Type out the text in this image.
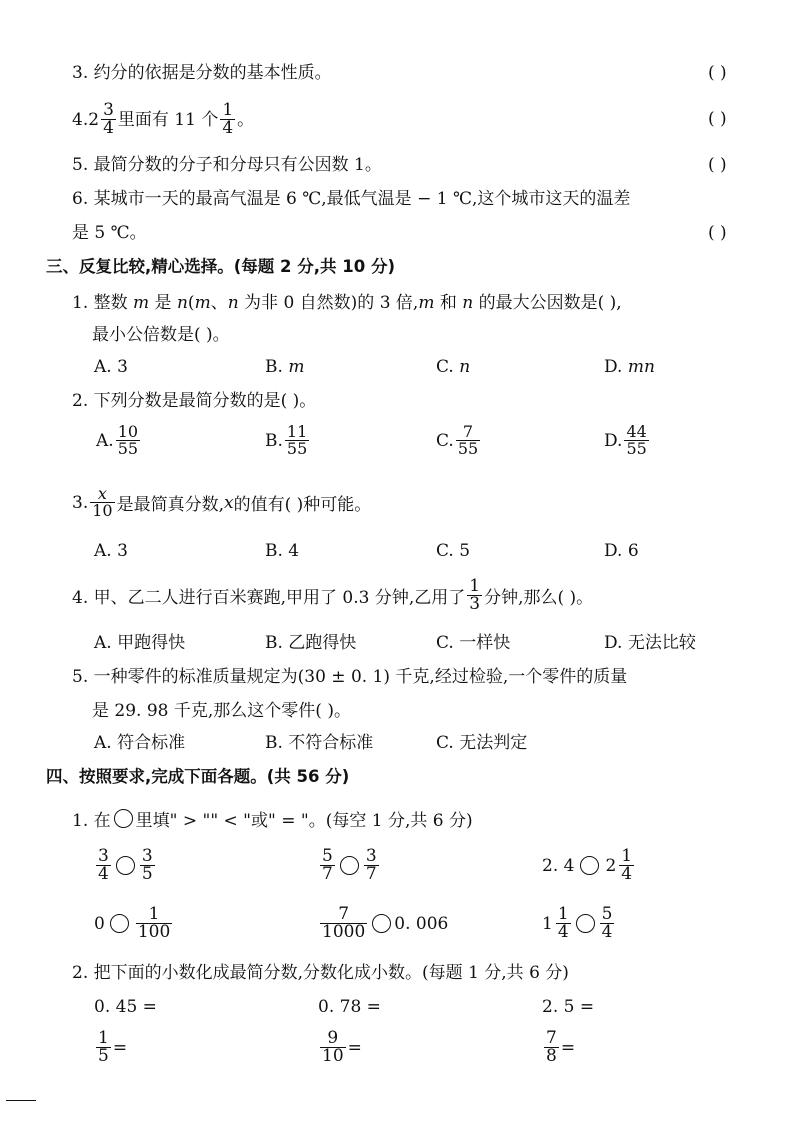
3. 约分的依据是分数的基本性质。	( )
4. $2 \frac{3}{4}$ 里面有 11 个 $\frac{1}{4}$ 。	( )
5. 最简分数的分子和分母只有公因数 1。	( )
6. 某城市一天的最高气温是 6 ℃,最低气温是 − 1 ℃,这个城市这天的温差
是 5 ℃。	( )
三、反复比较,精心选择。(每题 2 分,共 10 分)
1. 整数 m 是 n(m、n 为非 0 自然数)的 3 倍,m 和 n 的最大公因数是( ),
最小公倍数是( )。
A. 3	B. m	C. n	D. mn
2. 下列分数是最简分数的是( )。
A. $\frac{10}{55}$	B. $\frac{11}{55}$	C. $\frac{7}{55}$	D. $\frac{44}{55}$
3. $\frac{x}{10}$ 是最简真分数, x 的值有( )种可能。
A. 3	B. 4	C. 5	D. 6
4. 甲、乙二人进行百米赛跑,甲用了 0.3 分钟,乙用了 $\frac{1}{3}$ 分钟,那么( )。
A. 甲跑得快	B. 乙跑得快	C. 一样快	D. 无法比较
5. 一种零件的标准质量规定为(30 ± 0. 1) 千克,经过检验,一个零件的质量
是 29. 98 千克,那么这个零件( )。
A. 符合标准	B. 不符合标准	C. 无法判定
四、按照要求,完成下面各题。(共 56 分)
1. 在 里填" > "" < "或" = "。(每空 1 分,共 6 分)
$\frac{3}{4} \frac{3}{5}$	$\frac{5}{7} \frac{3}{7}$	2. 4 $2 \frac{1}{4}$
$0 \frac{1}{100}$	$\frac{7}{1000} 0$. 006	$1 \frac{1}{4} \frac{5}{4}$
2. 把下面的小数化成最简分数,分数化成小数。(每题 1 分,共 6 分)
0. 45 =	0. 78 =	2. 5 =
$\frac{1}{5}$ =	$\frac{9}{10}$ =	$\frac{7}{8}$ =
